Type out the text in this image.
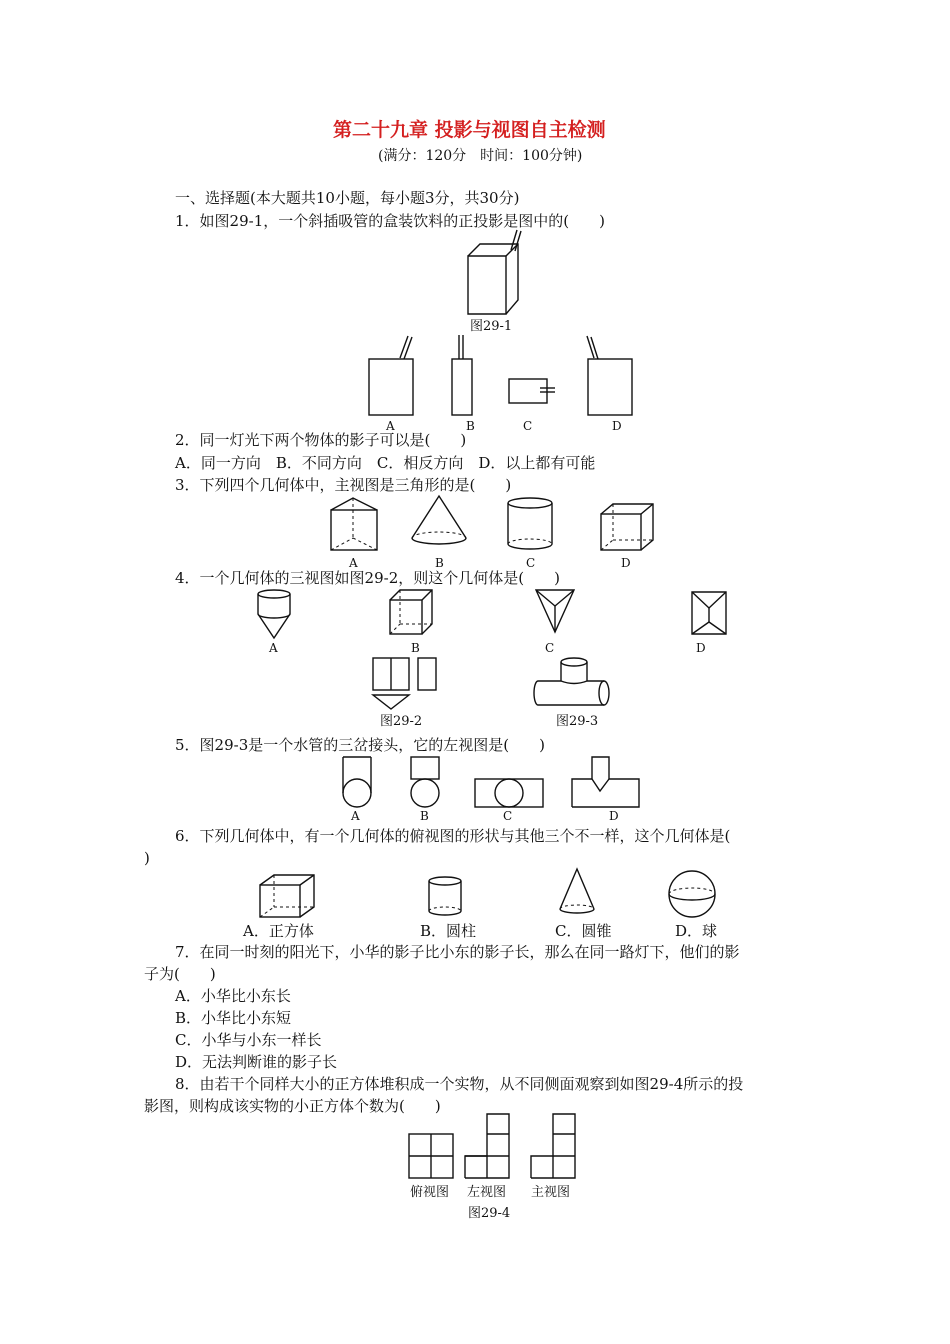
第二十九章 投影与视图自主检测
(满分：120分　时间：100分钟)
一、选择题(本大题共10小题，每小题3分，共30分)
1．如图29-1，一个斜插吸管的盒装饮料的正投影是图中的(　　)
图29-1
A	B	C	D
2．同一灯光下两个物体的影子可以是(　　)
A．同一方向　B．不同方向　C．相反方向　D．以上都有可能
3．下列四个几何体中，主视图是三角形的是(　　)
A	B	C	D
4．一个几何体的三视图如图29-2，则这个几何体是(　　)
A	B	C	D
图29-2	图29-3
5．图29-3是一个水管的三岔接头，它的左视图是(　　)
A	B	C	D
6．下列几何体中，有一个几何体的俯视图的形状与其他三个不一样，这个几何体是(
)
A．正方体	B．圆柱	C．圆锥	D．球
7．在同一时刻的阳光下，小华的影子比小东的影子长，那么在同一路灯下，他们的影
子为(　　)
A．小华比小东长
B．小华比小东短
C．小华与小东一样长
D．无法判断谁的影子长
8．由若干个同样大小的正方体堆积成一个实物，从不同侧面观察到如图29-4所示的投
影图，则构成该实物的小正方体个数为(　　)
俯视图 左视图 主视图
图29-4
